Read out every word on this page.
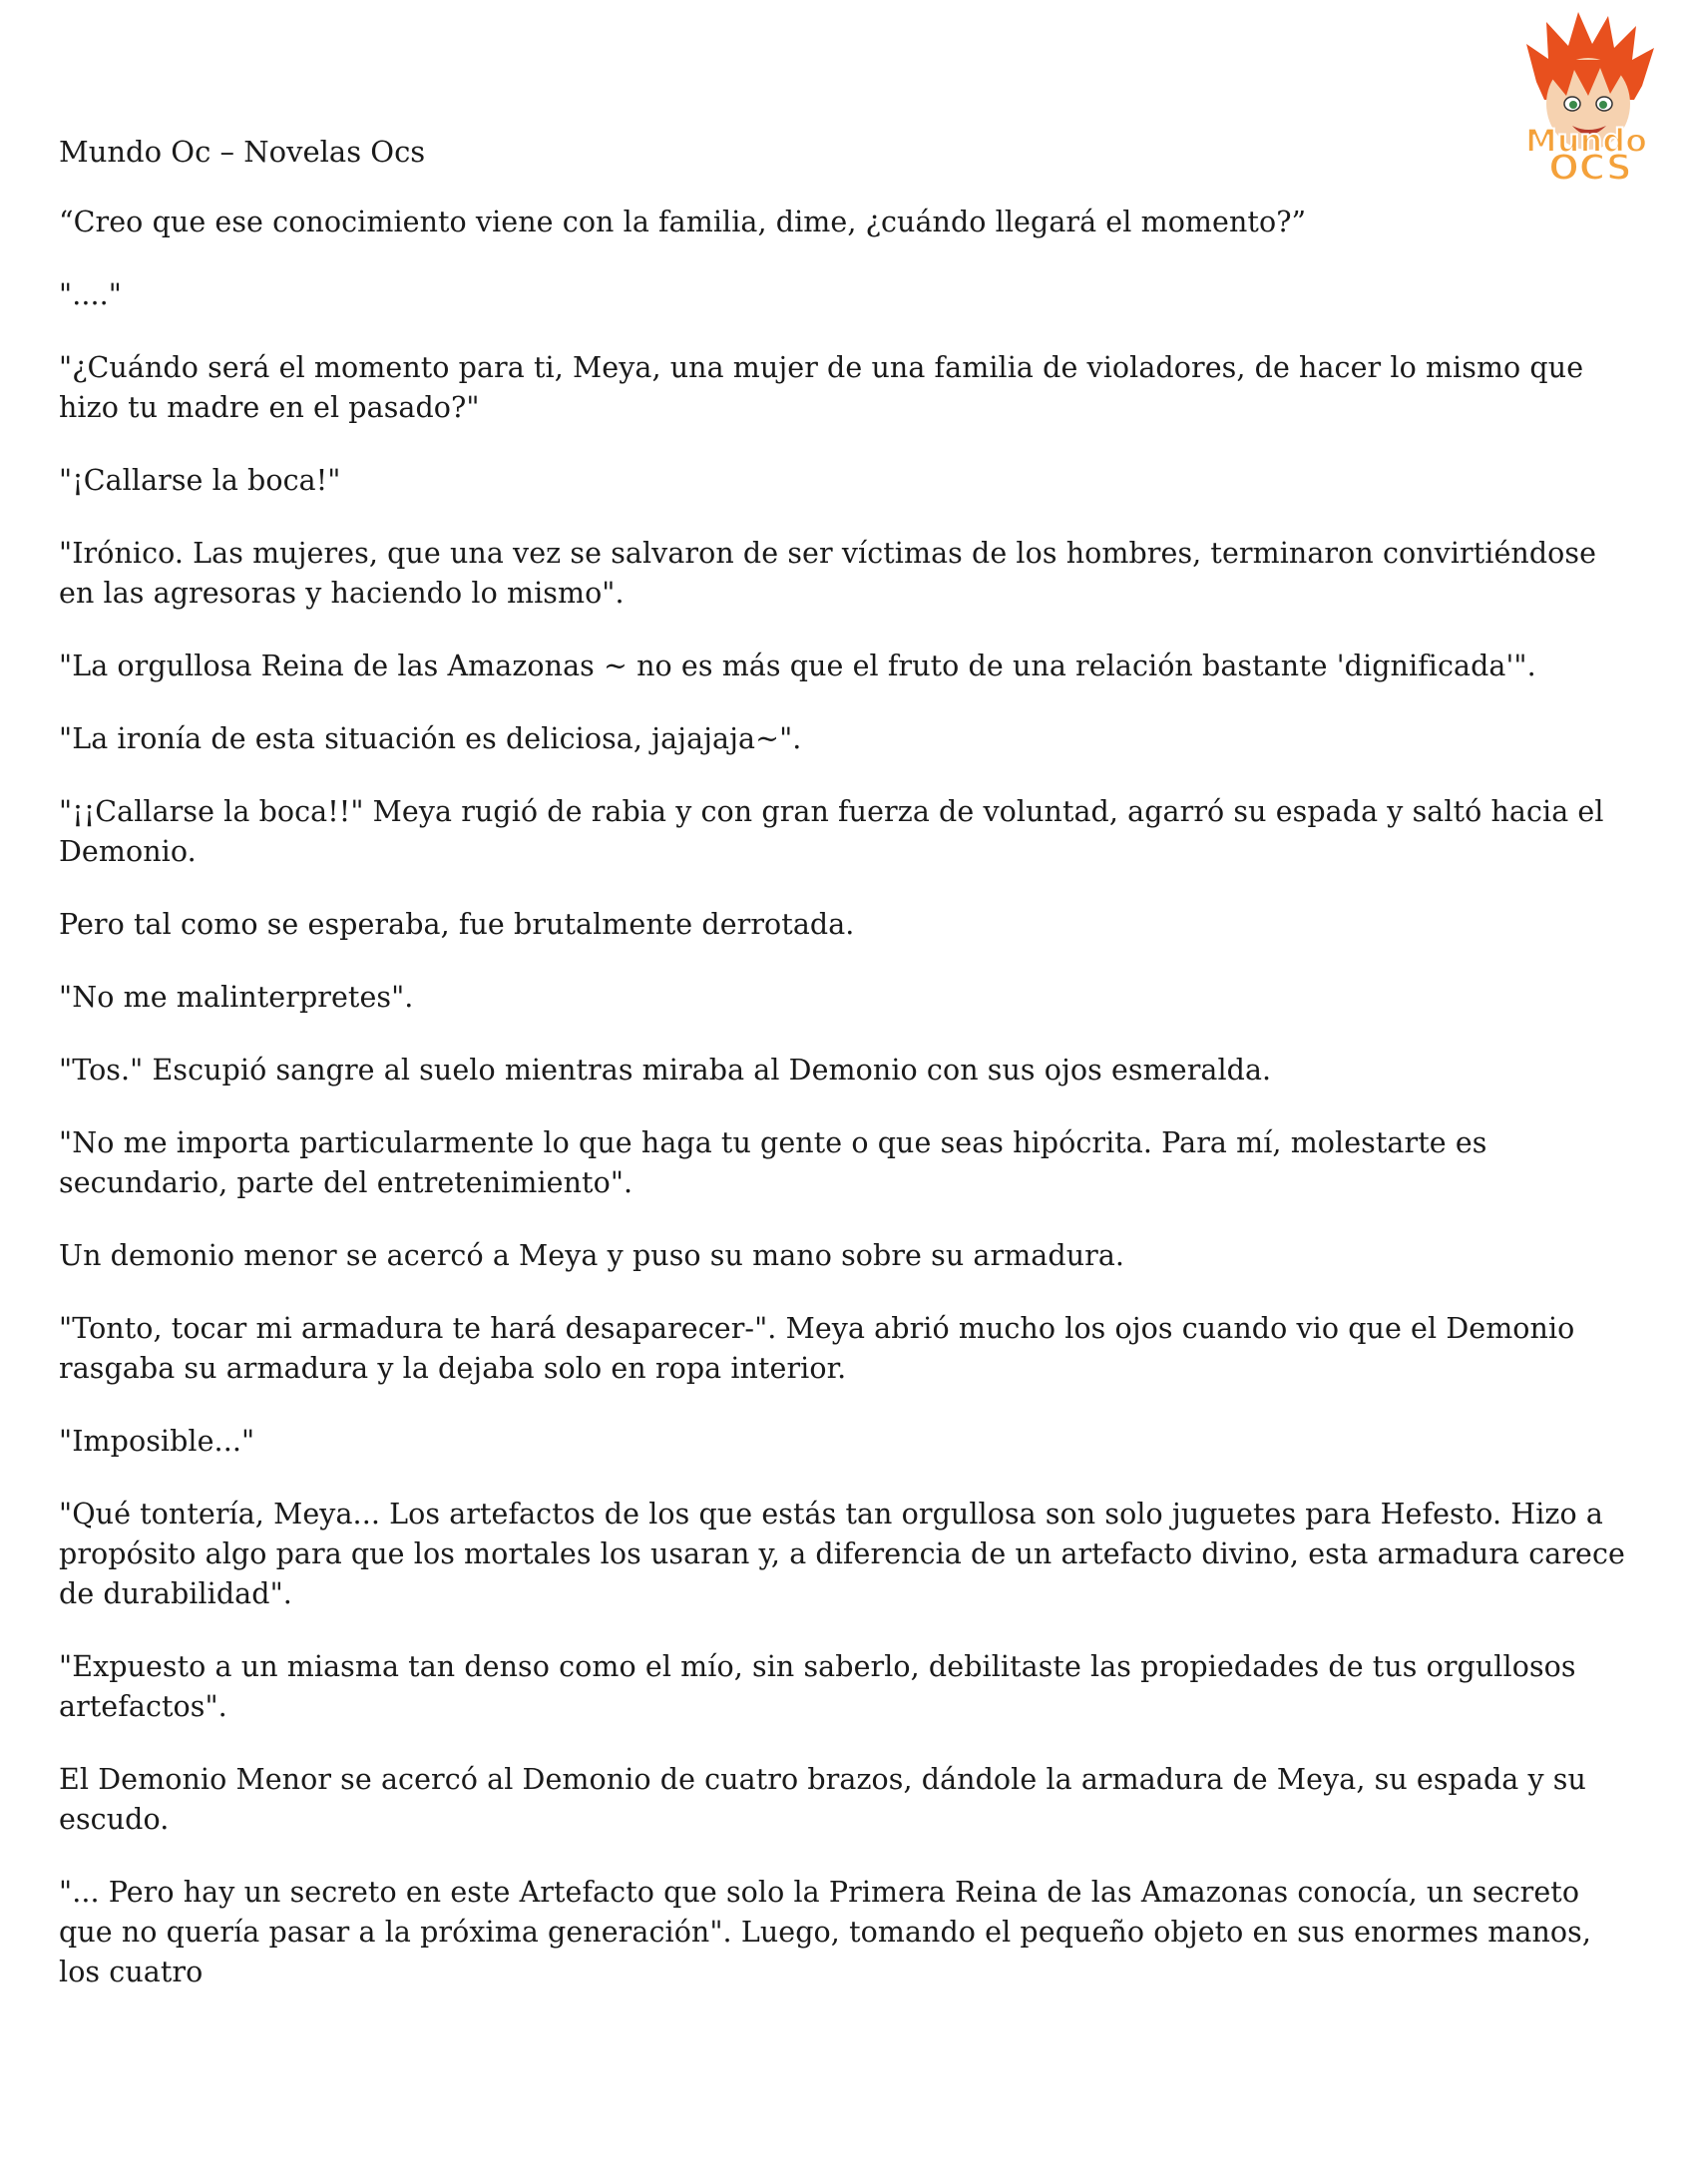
Mundo Oc – Novelas Ocs	Mundo
OCS

“Creo que ese conocimiento viene con la familia, dime, ¿cuándo llegará el momento?”

"...."

"¿Cuándo será el momento para ti, Meya, una mujer de una familia de violadores, de hacer lo mismo que hizo tu madre en el pasado?"

"¡Callarse la boca!"

"Irónico. Las mujeres, que una vez se salvaron de ser víctimas de los hombres, terminaron convirtiéndose en las agresoras y haciendo lo mismo".

"La orgullosa Reina de las Amazonas ~ no es más que el fruto de una relación bastante 'dignificada'".

"La ironía de esta situación es deliciosa, jajajaja~".

"¡¡Callarse la boca!!" Meya rugió de rabia y con gran fuerza de voluntad, agarró su espada y saltó hacia el Demonio.

Pero tal como se esperaba, fue brutalmente derrotada.

"No me malinterpretes".

"Tos." Escupió sangre al suelo mientras miraba al Demonio con sus ojos esmeralda.

"No me importa particularmente lo que haga tu gente o que seas hipócrita. Para mí, molestarte es secundario, parte del entretenimiento".

Un demonio menor se acercó a Meya y puso su mano sobre su armadura.

"Tonto, tocar mi armadura te hará desaparecer-". Meya abrió mucho los ojos cuando vio que el Demonio rasgaba su armadura y la dejaba solo en ropa interior.

"Imposible..."

"Qué tontería, Meya... Los artefactos de los que estás tan orgullosa son solo juguetes para Hefesto. Hizo a propósito algo para que los mortales los usaran y, a diferencia de un artefacto divino, esta armadura carece de durabilidad".

"Expuesto a un miasma tan denso como el mío, sin saberlo, debilitaste las propiedades de tus orgullosos artefactos".

El Demonio Menor se acercó al Demonio de cuatro brazos, dándole la armadura de Meya, su espada y su escudo.

"... Pero hay un secreto en este Artefacto que solo la Primera Reina de las Amazonas conocía, un secreto que no quería pasar a la próxima generación". Luego, tomando el pequeño objeto en sus enormes manos, los cuatro
